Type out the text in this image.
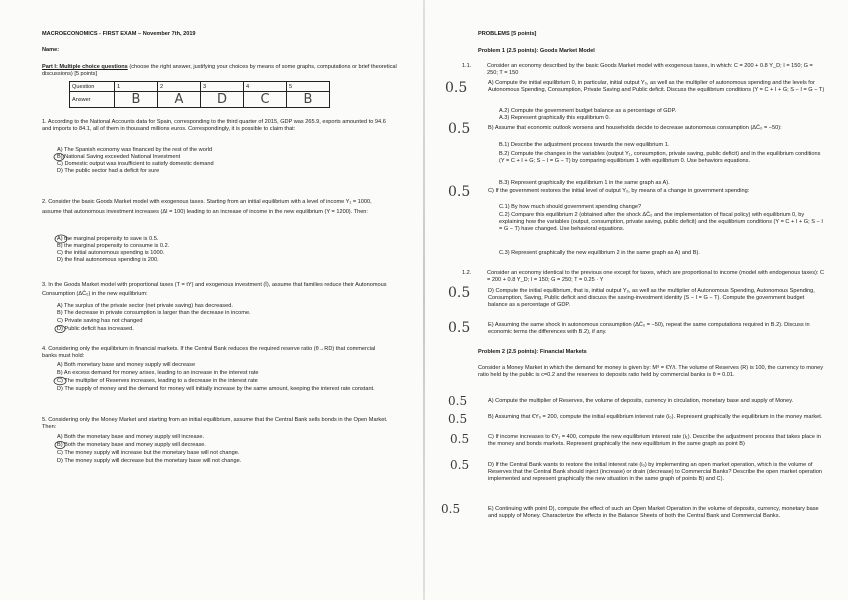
MACROECONOMICS - FIRST EXAM – November 7th, 2019
Name:
Part I: Multiple choice questions (choose the right answer, justifying your choices by means of some graphs, computations or brief theoretical discussions) [5 points]
Question	1	2	3	4	5
Answer	B	A	D	C	B
1. According to the National Accounts data for Spain, corresponding to the third quarter of 2015, GDP was 265.9, exports amounted to 94.6 and imports to 84.1, all of them in thousand millions euros. Correspondingly, it is possible to claim that:
A) The Spanish economy was financed by the rest of the world
B) National Saving exceeded National Investment
C) Domestic output was insufficient to satisfy domestic demand
D) The public sector had a deficit for sure
2. Consider the basic Goods Market model with exogenous taxes. Starting from an initial equilibrium with a level of income Y₁ = 1000, assume that autonomous investment increases (ΔI = 100) leading to an increase of income in the new equilibrium (Y = 1200). Then:
A) the marginal propensity to save is 0.5.
B) the marginal propensity to consume is 0.2.
C) the initial autonomous spending is 1000.
D) the final autonomous spending is 200.
3. In the Goods Market model with proportional taxes (T = tY) and exogenous investment (Ī), assume that families reduce their Autonomous Consumption (ΔC̄₀) in the new equilibrium:
A) The surplus of the private sector (net private saving) has decreased.
B) The decrease in private consumption is larger than the decrease in income.
C) Private saving has not changed
D) Public deficit has increased.
4. Considering only the equilibrium in financial markets. If the Central Bank reduces the required reserve ratio (θ→RD) that commercial banks must hold:
A) Both monetary base and money supply will decrease
B) An excess demand for money arises, leading to an increase in the interest rate
C) The multiplier of Reserves increases, leading to a decrease in the interest rate
D) The supply of money and the demand for money will initially increase by the same amount, keeping the interest rate constant.
5. Considering only the Money Market and starting from an initial equilibrium, assume that the Central Bank sells bonds in the Open Market. Then:
A) Both the monetary base and money supply will increase.
B) Both the monetary base and money supply will decrease.
C) The money supply will increase but the monetary base will not change.
D) The money supply will decrease but the monetary base will not change.
PROBLEMS [5 points]
Problem 1 (2.5 points): Goods Market Model
1.1.	Consider an economy described by the basic Goods Market model with exogenous taxes, in which: C = 200 + 0.8 Y_D; I = 150; G = 250; T = 150
A) Compute the initial equilibrium 0, in particular, initial output Y₀, as well as the multiplier of autonomous spending and the levels for Autonomous Spending, Consumption, Private Saving and Public deficit. Discuss the equilibrium conditions (Y = C + I + G; S − I = G − T)
A.2) Compute the government budget balance as a percentage of GDP.
A.3) Represent graphically this equilibrium 0.
B) Assume that economic outlook worsens and households decide to decrease autonomous consumption (ΔC̄₀ = −50):
B.1) Describe the adjustment process towards the new equilibrium 1.
B.2) Compute the changes in the variables (output Y₁, consumption, private saving, public deficit) and in the equilibrium conditions (Y = C + I + G; S − I = G − T) by comparing equilibrium 1 with equilibrium 0. Use behaviors equations.
B.3) Represent graphically the equilibrium 1 in the same graph as A).
C) If the government restores the initial level of output Y₀, by means of a change in government spending:
C.1) By how much should government spending change?
C.2) Compare this equilibrium 2 (obtained after the shock ΔC̄₀ and the implementation of fiscal policy) with equilibrium 0, by explaining how the variables (output, consumption, private saving, public deficit) and the equilibrium conditions (Y = C + I + G; S − I = G − T) have changed. Use behavioral equations.
C.3) Represent graphically the new equilibrium 2 in the same graph as A) and B).
1.2.	Consider an economy identical to the previous one except for taxes, which are proportional to income (model with endogenous taxes): C = 200 + 0.8 Y_D; I = 150; G = 250; T = 0.25 · Y
D) Compute the initial equilibrium, that is, initial output Y₀, as well as the multiplier of Autonomous Spending, Autonomous Spending, Consumption, Saving, Public deficit and discuss the saving-investment identity (S − I = G − T). Compute the government budget balance as a percentage of GDP.
E) Assuming the same shock in autonomous consumption (ΔC̄₀ = −50), repeat the same computations required in B.2). Discuss in economic terms the differences with B.2), if any.
Problem 2 (2.5 points): Financial Markets
Consider a Money Market in which the demand for money is given by: Mᵈ = €Y/i. The volume of Reserves (R) is 100, the currency to money ratio held by the public is c=0.2 and the reserves to deposits ratio held by commercial banks is θ = 0.01.
A) Compute the multiplier of Reserves, the volume of deposits, currency in circulation, monetary base and supply of Money.
B) Assuming that €Y₀ = 200, compute the initial equilibrium interest rate (i₀). Represent graphically the equilibrium in the money market.
C) If income increases to €Y₁ = 400, compute the new equilibrium interest rate (i₁). Describe the adjustment process that takes place in the money and bonds markets. Represent graphically the new equilibrium in the same graph as point B)
D) If the Central Bank wants to restore the initial interest rate (i₀) by implementing an open market operation, which is the volume of Reserves that the Central Bank should inject (increase) or drain (decrease) to Commercial Banks? Describe the open market operation implemented and represent graphically the new situation in the same graph of points B) and C).
E) Continuing with point D), compute the effect of such an Open Market Operation in the volume of deposits, currency, monetary base and supply of Money. Characterize the effects in the Balance Sheets of both the Central Bank and Commercial Banks.
0.5
0.5
0.5
0.5
0.5
0.5
0.5
0.5
0.5
0.5
